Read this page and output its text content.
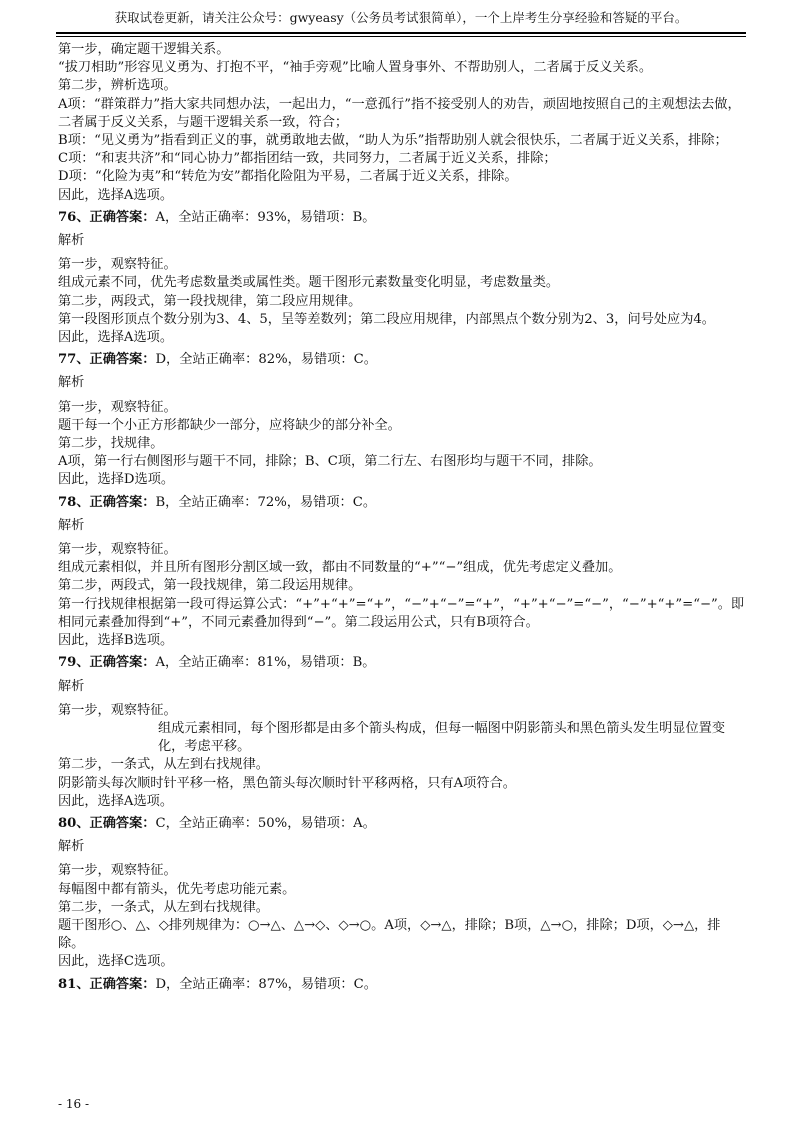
获取试卷更新，请关注公众号：gwyeasy（公务员考试狠简单），一个上岸考生分享经验和答疑的平台。

第一步，确定题干逻辑关系。

“拔刀相助”形容见义勇为、打抱不平，“袖手旁观”比喻人置身事外、不帮助别人，二者属于反义关系。

第二步，辨析选项。

A项：“群策群力”指大家共同想办法，一起出力，“一意孤行”指不接受别人的劝告，顽固地按照自己的主观想法去做，二者属于反义关系，与题干逻辑关系一致，符合；

B项：“见义勇为”指看到正义的事，就勇敢地去做，“助人为乐”指帮助别人就会很快乐，二者属于近义关系，排除；

C项：“和衷共济”和“同心协力”都指团结一致，共同努力，二者属于近义关系，排除；

D项：“化险为夷”和“转危为安”都指化险阻为平易，二者属于近义关系，排除。

因此，选择A选项。

76、正确答案：A，全站正确率：93%，易错项：B。

解析

第一步，观察特征。

组成元素不同，优先考虑数量类或属性类。题干图形元素数量变化明显，考虑数量类。

第二步，两段式，第一段找规律，第二段应用规律。

第一段图形顶点个数分别为3、4、5，呈等差数列；第二段应用规律，内部黑点个数分别为2、3，问号处应为4。

因此，选择A选项。

77、正确答案：D，全站正确率：82%，易错项：C。

解析

第一步，观察特征。

题干每一个小正方形都缺少一部分，应将缺少的部分补全。

第二步，找规律。

A项，第一行右侧图形与题干不同，排除；B、C项，第二行左、右图形均与题干不同，排除。

因此，选择D选项。

78、正确答案：B，全站正确率：72%，易错项：C。

解析

第一步，观察特征。

组成元素相似，并且所有图形分割区域一致，都由不同数量的“+”“−”组成，优先考虑定义叠加。

第二步，两段式，第一段找规律，第二段运用规律。

第一行找规律根据第一段可得运算公式：“+”+“+”=“+”，“−”+“−”=“+”，“+”+“−”=“−”，“−”+“+”=“−”。即相同元素叠加得到“+”，不同元素叠加得到“−”。第二段运用公式，只有B项符合。

因此，选择B选项。

79、正确答案：A，全站正确率：81%，易错项：B。

解析

第一步，观察特征。

组成元素相同，每个图形都是由多个箭头构成，但每一幅图中阴影箭头和黑色箭头发生明显位置变化，考虑平移。

第二步，一条式，从左到右找规律。

阴影箭头每次顺时针平移一格，黑色箭头每次顺时针平移两格，只有A项符合。

因此，选择A选项。

80、正确答案：C，全站正确率：50%，易错项：A。

解析

第一步，观察特征。

每幅图中都有箭头，优先考虑功能元素。

第二步，一条式，从左到右找规律。

题干图形○、△、◇排列规律为：○→△、△→◇、◇→○。A项，◇→△，排除；B项，△→○，排除；D项，◇→△，排除。

因此，选择C选项。

81、正确答案：D，全站正确率：87%，易错项：C。

- 16 -
